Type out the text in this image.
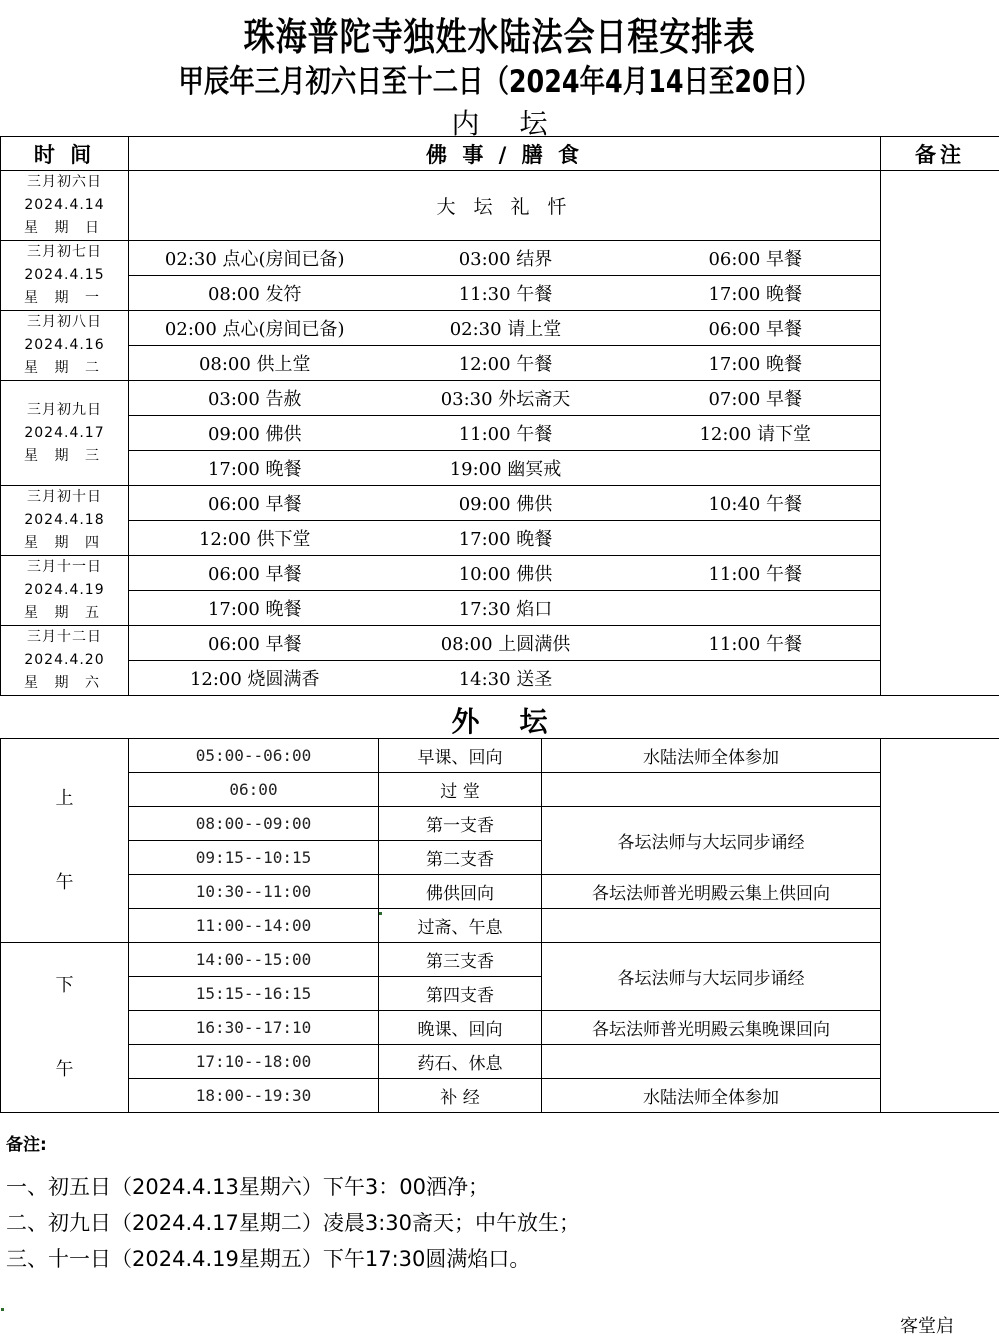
珠海普陀寺独姓水陆法会日程安排表
甲辰年三月初六日至十二日（2024年4月14日至20日）
内坛
时 间	佛 事 / 膳 食			备注

三月初六日
2024.4.14
星 期 日	大 坛 礼 忏			

三月初七日
2024.4.15
星 期 一	02:30 点心(房间已备)	03:00 结界	06:00 早餐	
	08:00 发符	11:30 午餐	17:00 晚餐	

三月初八日
2024.4.16
星 期 二	02:00 点心(房间已备)	02:30 请上堂	06:00 早餐	
	08:00 供上堂	12:00 午餐	17:00 晚餐	

三月初九日
2024.4.17
星 期 三	03:00 告赦	03:30 外坛斋天	07:00 早餐	
	09:00 佛供	11:00 午餐	12:00 请下堂	
	17:00 晚餐	19:00 幽冥戒		

三月初十日
2024.4.18
星 期 四	06:00 早餐	09:00 佛供	10:40 午餐	
	12:00 供下堂	17:00 晚餐		

三月十一日
2024.4.19
星 期 五	06:00 早餐	10:00 佛供	11:00 午餐	
	17:00 晚餐	17:30 焰口		

三月十二日
2024.4.20
星 期 六	06:00 早餐	08:00 上圆满供	11:00 午餐	
	12:00 烧圆满香	14:30 送圣		
外坛
上
午	05:00--06:00	早课、回向	水陆法师全体参加	
	06:00	过 堂		
	08:00--09:00	第一支香	各坛法师与大坛同步诵经	
	09:15--10:15	第二支香		
	10:30--11:00	佛供回向	各坛法师普光明殿云集上供回向	
	11:00--14:00	过斋、午息		

下
午	14:00--15:00	第三支香	各坛法师与大坛同步诵经	
	15:15--16:15	第四支香		
	16:30--17:10	晚课、回向	各坛法师普光明殿云集晚课回向	
	17:10--18:00	药石、休息		
	18:00--19:30	补 经	水陆法师全体参加	
备注:
一、初五日（2024.4.13星期六）下午3：00洒净；
二、初九日（2024.4.17星期二）凌晨3:30斋天；中午放生；
三、十一日（2024.4.19星期五）下午17:30圆满焰口。
客堂启
